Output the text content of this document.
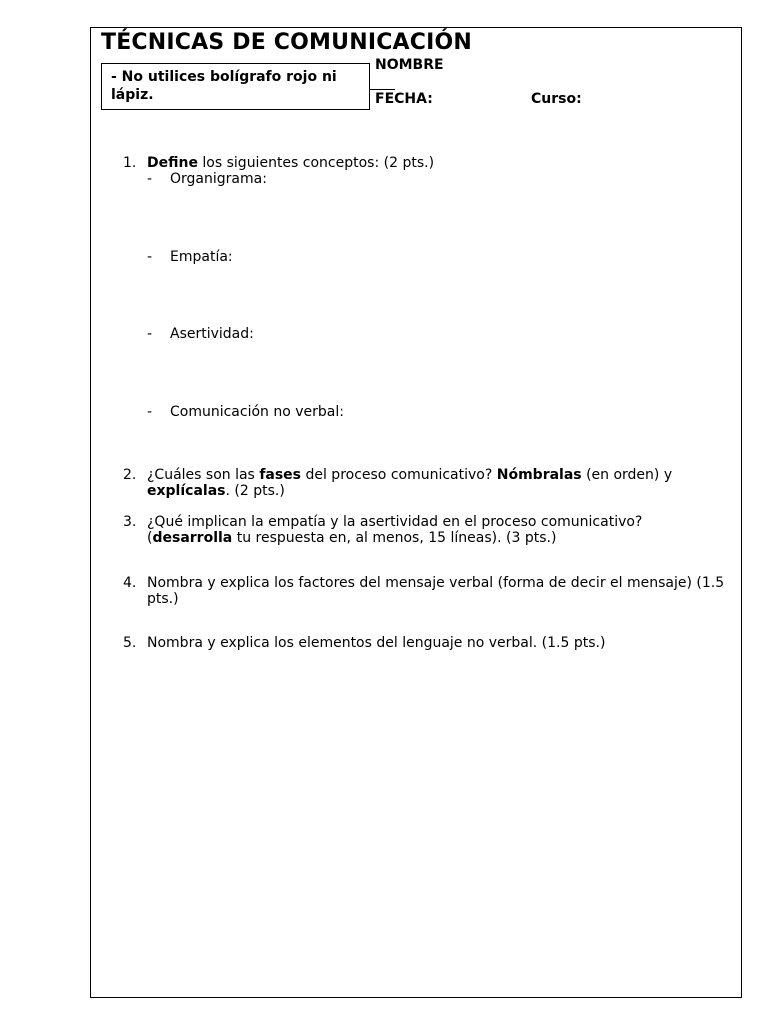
TÉCNICAS DE COMUNICACIÓN
- No utilices bolígrafo rojo ni
lápiz.
NOMBRE
FECHA:	Curso:
1. Define los siguientes conceptos: (2 pts.)
- Organigrama:
- Empatía:
- Asertividad:
- Comunicación no verbal:
2. ¿Cuáles son las fases del proceso comunicativo? Nómbralas (en orden) y
explícalas. (2 pts.)
3. ¿Qué implican la empatía y la asertividad en el proceso comunicativo?
(desarrolla tu respuesta en, al menos, 15 líneas). (3 pts.)
4. Nombra y explica los factores del mensaje verbal (forma de decir el mensaje) (1.5
pts.)
5. Nombra y explica los elementos del lenguaje no verbal. (1.5 pts.)
